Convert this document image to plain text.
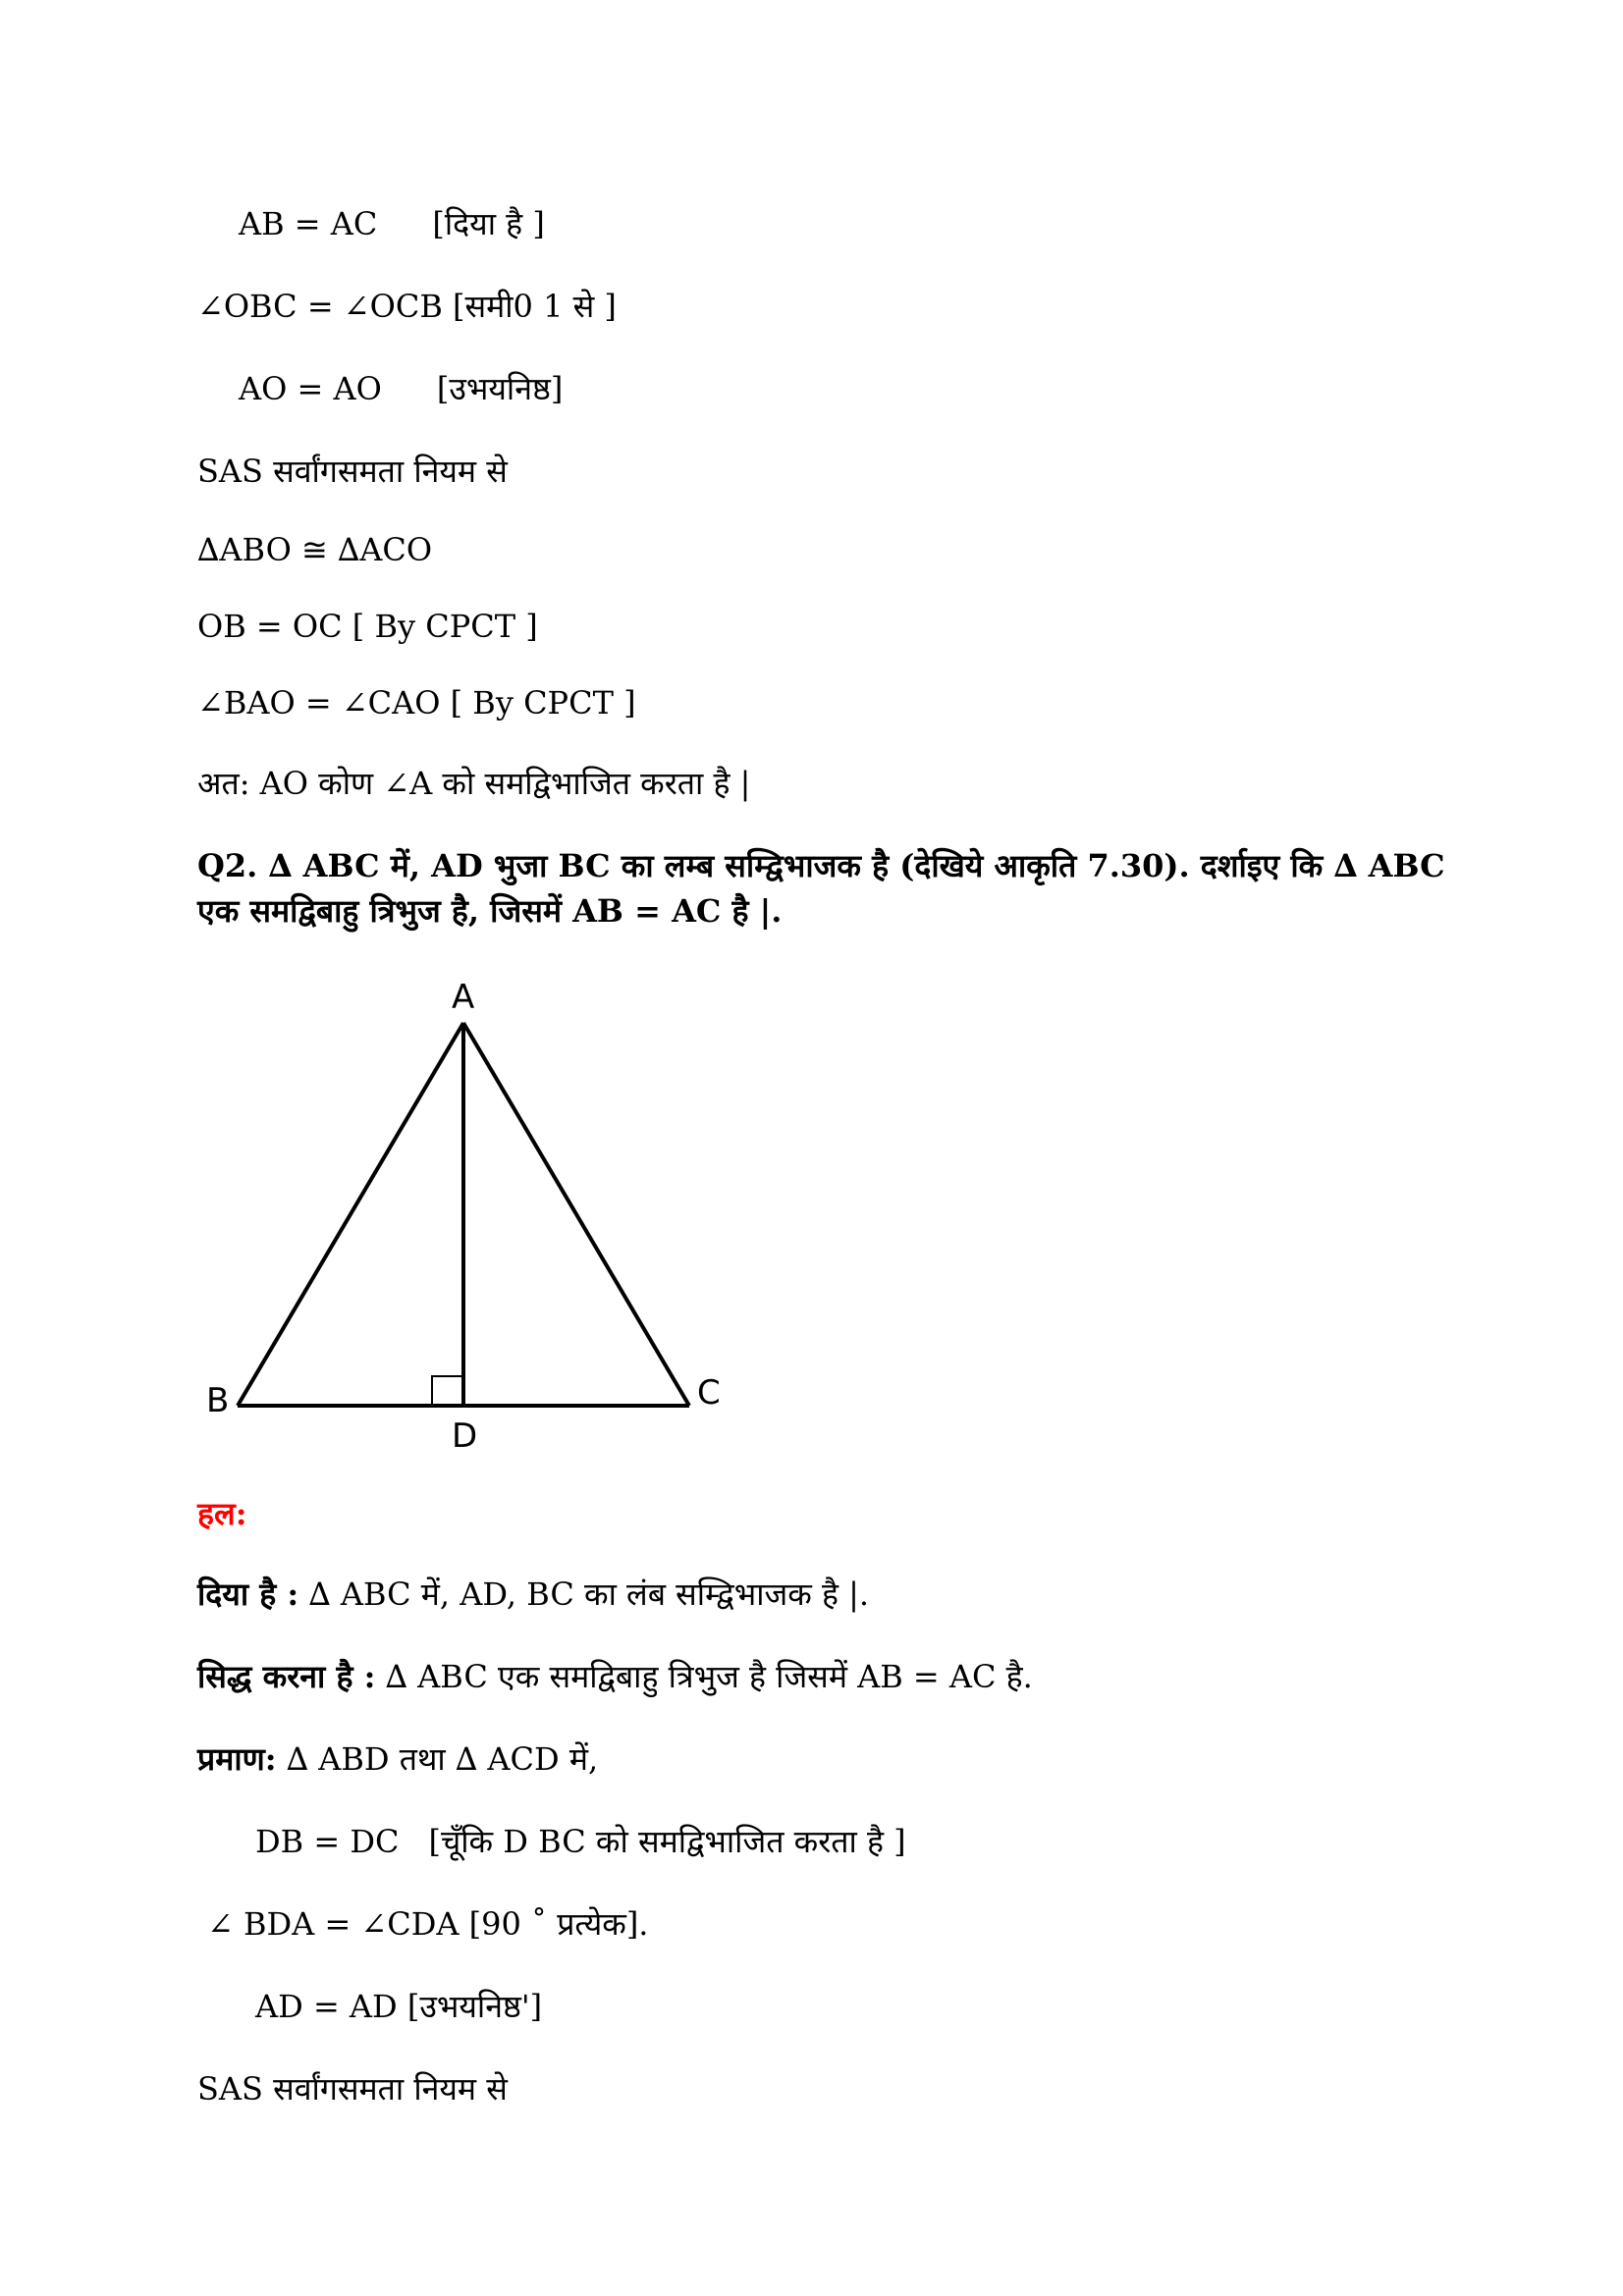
AB = AC [दिया है ]
∠OBC = ∠OCB [समी0 1 से ]
AO = AO [उभयनिष्ठ]
SAS सर्वांगसमता नियम से
∆ABO ≅ ∆ACO
OB = OC [ By CPCT ]
∠BAO = ∠CAO [ By CPCT ]
अत: AO कोण ∠A को समद्विभाजित करता है |
Q2. ∆ ABC में, AD भुजा BC का लम्ब सम्द्विभाजक है (देखिये आकृति 7.30). दर्शाइए कि ∆ ABC
एक समद्विबाहु त्रिभुज है, जिसमें AB = AC है |.
A
B	C
D
हल:
दिया है : ∆ ABC में, AD, BC का लंब सम्द्विभाजक है |.
सिद्ध करना है : ∆ ABC एक समद्विबाहु त्रिभुज है जिसमें AB = AC है.
प्रमाण: ∆ ABD तथा ∆ ACD में,
DB = DC [चूँकि D BC को समद्विभाजित करता है ]
∠ BDA = ∠CDA [90 ˚ प्रत्येक].
AD = AD [उभयनिष्ठ']
SAS सर्वांगसमता नियम से
